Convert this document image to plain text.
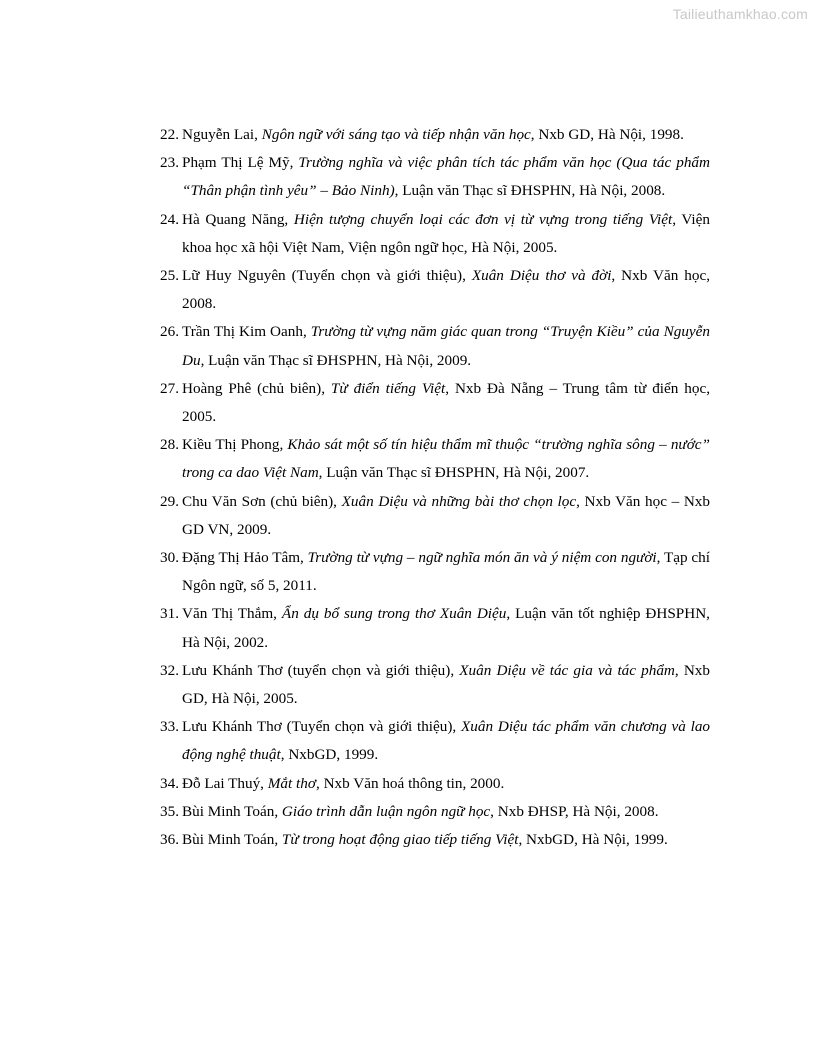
Tailieuthamkhao.com
22. Nguyễn Lai, Ngôn ngữ với sáng tạo và tiếp nhận văn học, Nxb GD, Hà Nội, 1998.
23. Phạm Thị Lệ Mỹ, Trường nghĩa và việc phân tích tác phẩm văn học (Qua tác phẩm “Thân phận tình yêu” – Bảo Ninh), Luận văn Thạc sĩ ĐHSPHN, Hà Nội, 2008.
24. Hà Quang Năng, Hiện tượng chuyển loại các đơn vị từ vựng trong tiếng Việt, Viện khoa học xã hội Việt Nam, Viện ngôn ngữ học, Hà Nội, 2005.
25. Lữ Huy Nguyên (Tuyển chọn và giới thiệu), Xuân Diệu thơ và đời, Nxb Văn học, 2008.
26. Trần Thị Kim Oanh, Trường từ vựng năm giác quan trong “Truyện Kiều” của Nguyễn Du, Luận văn Thạc sĩ ĐHSPHN, Hà Nội, 2009.
27. Hoàng Phê (chủ biên), Từ điển tiếng Việt, Nxb Đà Nẵng – Trung tâm từ điển học, 2005.
28. Kiều Thị Phong, Khảo sát một số tín hiệu thẩm mĩ thuộc “trường nghĩa sông – nước” trong ca dao Việt Nam, Luận văn Thạc sĩ ĐHSPHN, Hà Nội, 2007.
29. Chu Văn Sơn (chủ biên), Xuân Diệu và những bài thơ chọn lọc, Nxb Văn học – Nxb GD VN, 2009.
30. Đặng Thị Hảo Tâm, Trường từ vựng – ngữ nghĩa món ăn và ý niệm con người, Tạp chí Ngôn ngữ, số 5, 2011.
31. Văn Thị Thắm, Ẩn dụ bổ sung trong thơ Xuân Diệu, Luận văn tốt nghiệp ĐHSPHN, Hà Nội, 2002.
32. Lưu Khánh Thơ (tuyển chọn và giới thiệu), Xuân Diệu về tác gia và tác phẩm, Nxb GD, Hà Nội, 2005.
33. Lưu Khánh Thơ (Tuyển chọn và giới thiệu), Xuân Diệu tác phẩm văn chương và lao động nghệ thuật, NxbGD, 1999.
34. Đỗ Lai Thuý, Mắt thơ, Nxb Văn hoá thông tin, 2000.
35. Bùi Minh Toán, Giáo trình dẫn luận ngôn ngữ học, Nxb ĐHSP, Hà Nội, 2008.
36. Bùi Minh Toán, Từ trong hoạt động giao tiếp tiếng Việt, NxbGD, Hà Nội, 1999.
